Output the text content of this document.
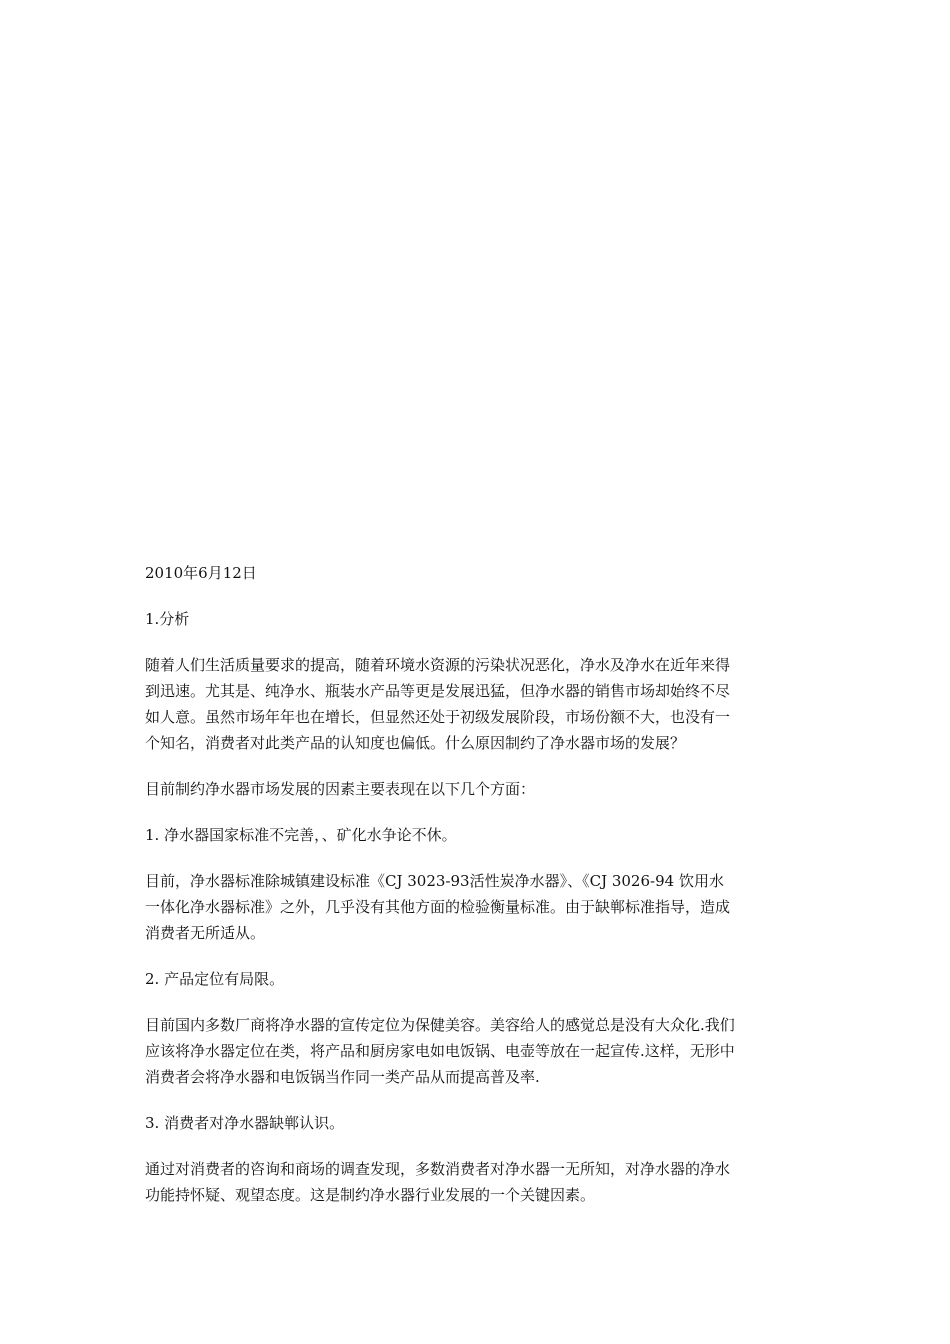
2010年6月12日

1.分析

随着人们生活质量要求的提高，随着环境水资源的污染状况恶化，净水及净水在近年来得
到迅速。尤其是、纯净水、瓶装水产品等更是发展迅猛，但净水器的销售市场却始终不尽
如人意。虽然市场年年也在增长，但显然还处于初级发展阶段，市场份额不大，也没有一
个知名，消费者对此类产品的认知度也偏低。什么原因制约了净水器市场的发展？

目前制约净水器市场发展的因素主要表现在以下几个方面：

1. 净水器国家标准不完善，、矿化水争论不休。

目前，净水器标准除城镇建设标准《CJ 3023-93活性炭净水器》、《CJ 3026-94 饮用水
一体化净水器标准》之外，几乎没有其他方面的检验衡量标准。由于缺郸标准指导，造成
消费者无所适从。

2. 产品定位有局限。

目前国内多数厂商将净水器的宣传定位为保健美容。美容给人的感觉总是没有大众化.我们
应该将净水器定位在类，将产品和厨房家电如电饭锅、电壶等放在一起宣传.这样，无形中
消费者会将净水器和电饭锅当作同一类产品从而提高普及率.

3. 消费者对净水器缺郸认识。

通过对消费者的咨询和商场的调查发现，多数消费者对净水器一无所知，对净水器的净水
功能持怀疑、观望态度。这是制约净水器行业发展的一个关键因素。
